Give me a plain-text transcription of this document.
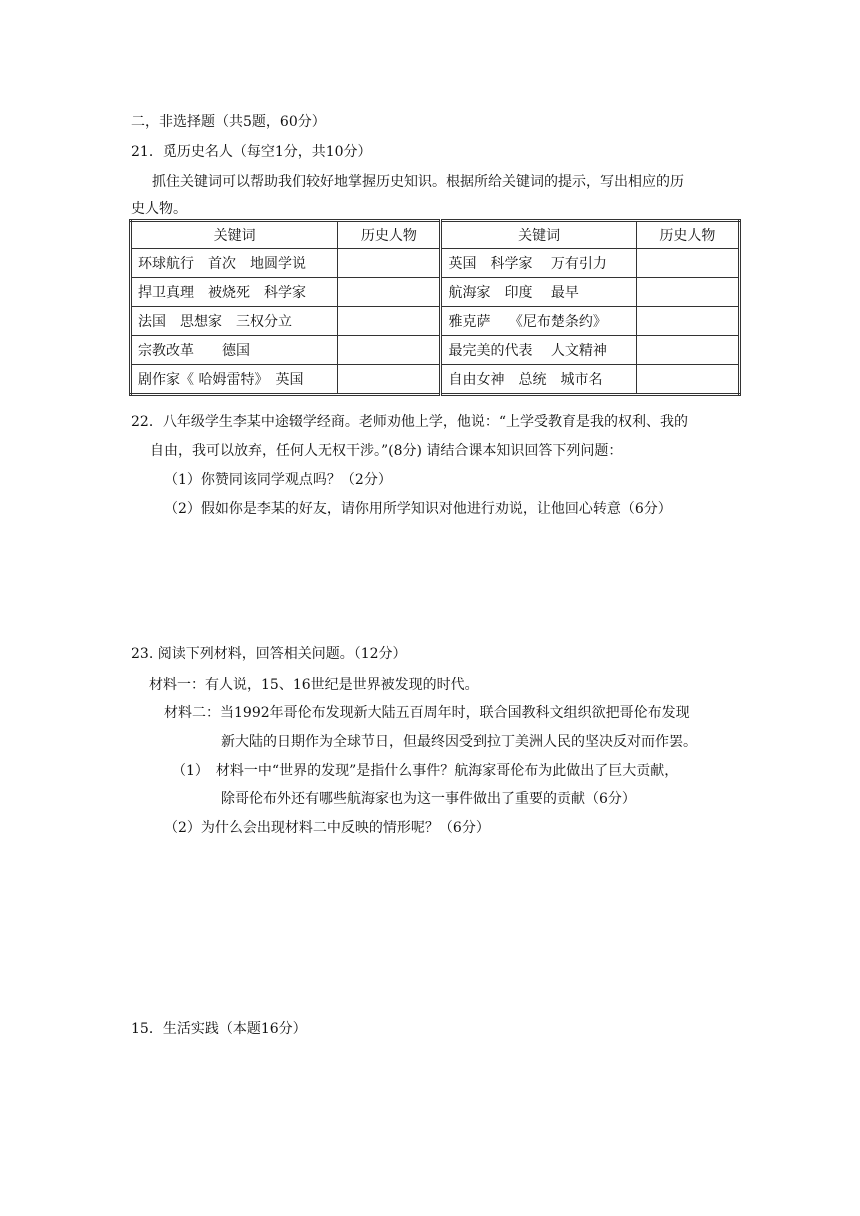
二，非选择题（共5题，60分）
21．觅历史名人（每空1分，共10分）
抓住关键词可以帮助我们较好地掌握历史知识。根据所给关键词的提示，写出相应的历
史人物。
关键词	历史人物	关键词	历史人物
环球航行　首次　地圆学说		英国　科学家　 万有引力	
捍卫真理　被烧死　科学家		航海家　印度　 最早	
法国　思想家　三权分立		雅克萨　 《尼布楚条约》	
宗教改革　　德国		最完美的代表　 人文精神	
剧作家《 哈姆雷特》　英国		自由女神　总统　城市名	
22．八年级学生李某中途辍学经商。老师劝他上学，他说：“上学受教育是我的权利、我的
自由，我可以放弃，任何人无权干涉。”(8分) 请结合课本知识回答下列问题：
（1）你赞同该同学观点吗？（2分）
（2）假如你是李某的好友，请你用所学知识对他进行劝说，让他回心转意（6分）
23. 阅读下列材料，回答相关问题。（12分）
材料一：有人说，15、16世纪是世界被发现的时代。
材料二：当1992年哥伦布发现新大陆五百周年时，联合国教科文组织欲把哥伦布发现
新大陆的日期作为全球节日，但最终因受到拉丁美洲人民的坚决反对而作罢。
（1）　材料一中“世界的发现”是指什么事件？航海家哥伦布为此做出了巨大贡献，
除哥伦布外还有哪些航海家也为这一事件做出了重要的贡献（6分）
（2）为什么会出现材料二中反映的情形呢？（6分）
15．生活实践（本题16分）
